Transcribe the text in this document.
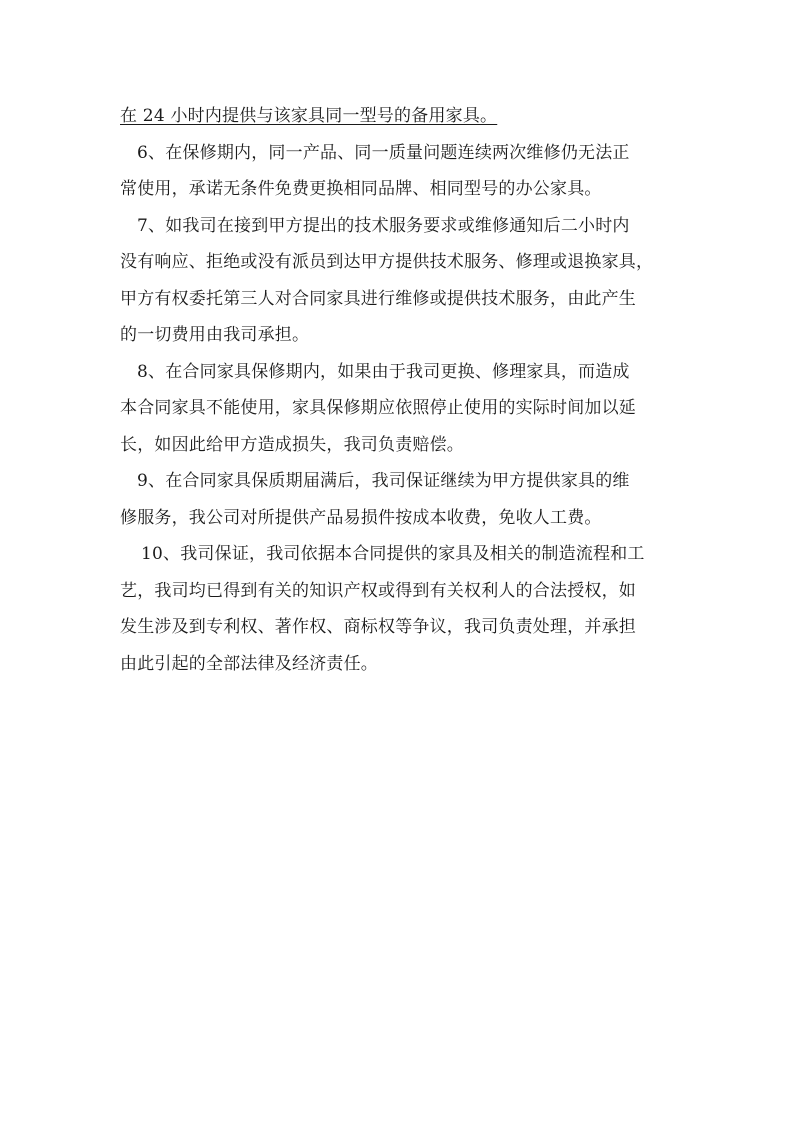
在 24 小时内提供与该家具同一型号的备用家具。
6、在保修期内，同一产品、同一质量问题连续两次维修仍无法正
常使用，承诺无条件免费更换相同品牌、相同型号的办公家具。
7、如我司在接到甲方提出的技术服务要求或维修通知后二小时内
没有响应、拒绝或没有派员到达甲方提供技术服务、修理或退换家具，
甲方有权委托第三人对合同家具进行维修或提供技术服务，由此产生
的一切费用由我司承担。
8、在合同家具保修期内，如果由于我司更换、修理家具，而造成
本合同家具不能使用，家具保修期应依照停止使用的实际时间加以延
长，如因此给甲方造成损失，我司负责赔偿。
9、在合同家具保质期届满后，我司保证继续为甲方提供家具的维
修服务，我公司对所提供产品易损件按成本收费，免收人工费。
10、我司保证，我司依据本合同提供的家具及相关的制造流程和工
艺，我司均已得到有关的知识产权或得到有关权利人的合法授权，如
发生涉及到专利权、著作权、商标权等争议，我司负责处理，并承担
由此引起的全部法律及经济责任。
